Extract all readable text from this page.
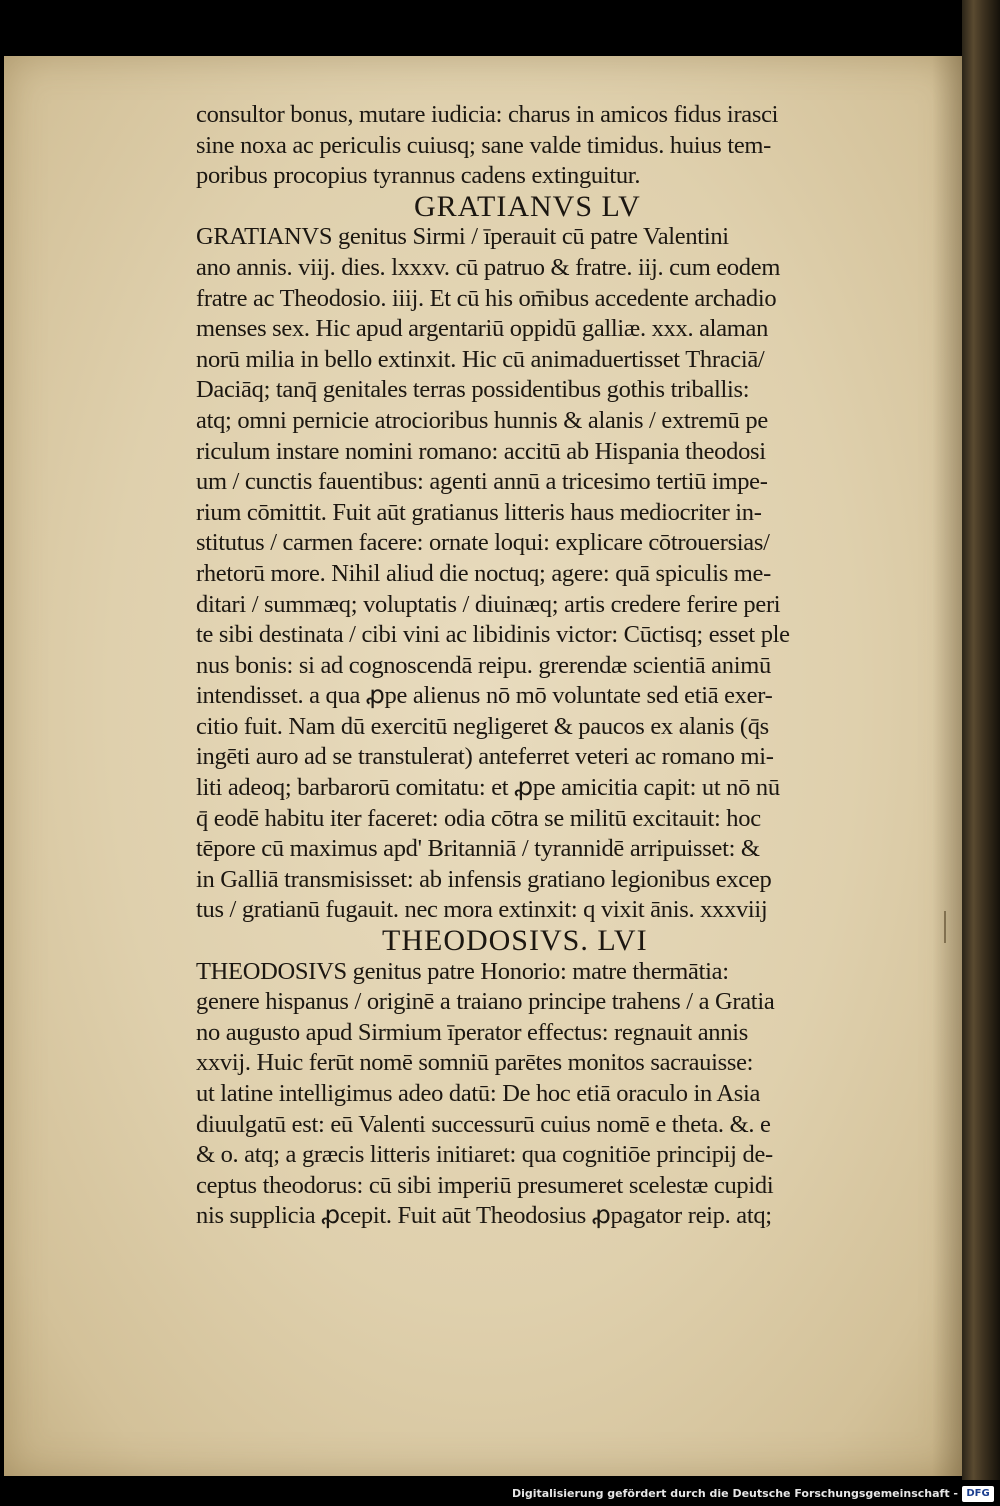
consultor bonus, mutare iudicia: charus in amicos fidus irasci
sine noxa ac periculis cuiusq; sane valde timidus. huius tem-
poribus procopius tyrannus cadens extinguitur.
GRATIANVS LV
GRATIANVS genitus Sirmi / īperauit cū patre Valentini
ano annis. viij. dies. lxxxv. cū patruo & fratre. iij. cum eodem
fratre ac Theodosio. iiij. Et cū his om̄ibus accedente archadio
menses sex. Hic apud argentariū oppidū galliæ. xxx. alaman
norū milia in bello extinxit. Hic cū animaduertisset Thraciā/
Daciāq; tanq̄ genitales terras possidentibus gothis triballis:
atq; omni pernicie atrocioribus hunnis & alanis / extremū pe
riculum instare nomini romano: accitū ab Hispania theodosi
um / cunctis fauentibus: agenti annū a tricesimo tertiū impe-
rium cōmittit. Fuit aūt gratianus litteris haus mediocriter in-
stitutus / carmen facere: ornate loqui: explicare cōtrouersias/
rhetorū more. Nihil aliud die noctuq; agere: quā spiculis me-
ditari / summæq; voluptatis / diuinæq; artis credere ferire peri
te sibi destinata / cibi vini ac libidinis victor: Cūctisq; esset ple
nus bonis: si ad cognoscendā reipu. grerendæ scientiā animū
intendisset. a qua ꝓpe alienus nō mō voluntate sed etiā exer-
citio fuit. Nam dū exercitū negligeret & paucos ex alanis (q̄s
ingēti auro ad se transtulerat) anteferret veteri ac romano mi-
liti adeoq; barbarorū comitatu: et ꝓpe amicitia capit: ut nō nū
q̄ eodē habitu iter faceret: odia cōtra se militū excitauit: hoc
tēpore cū maximus apd' Britanniā / tyrannidē arripuisset: &
in Galliā transmisisset: ab infensis gratiano legionibus excep
tus / gratianū fugauit. nec mora extinxit: q vixit ānis. xxxviij
THEODOSIVS. LVI
THEODOSIVS genitus patre Honorio: matre thermātia:
genere hispanus / originē a traiano principe trahens / a Gratia
no augusto apud Sirmium īperator effectus: regnauit annis
xxvij. Huic ferūt nomē somniū parētes monitos sacrauisse:
ut latine intelligimus adeo datū: De hoc etiā oraculo in Asia
diuulgatū est: eū Valenti successurū cuius nomē e theta. &. e
& o. atq; a græcis litteris initiaret: qua cognitiōe principij de-
ceptus theodorus: cū sibi imperiū presumeret scelestæ cupidi
nis supplicia ꝓcepit. Fuit aūt Theodosius ꝓpagator reip. atq;
Digitalisierung gefördert durch die Deutsche Forschungsgemeinschaft - DFG
